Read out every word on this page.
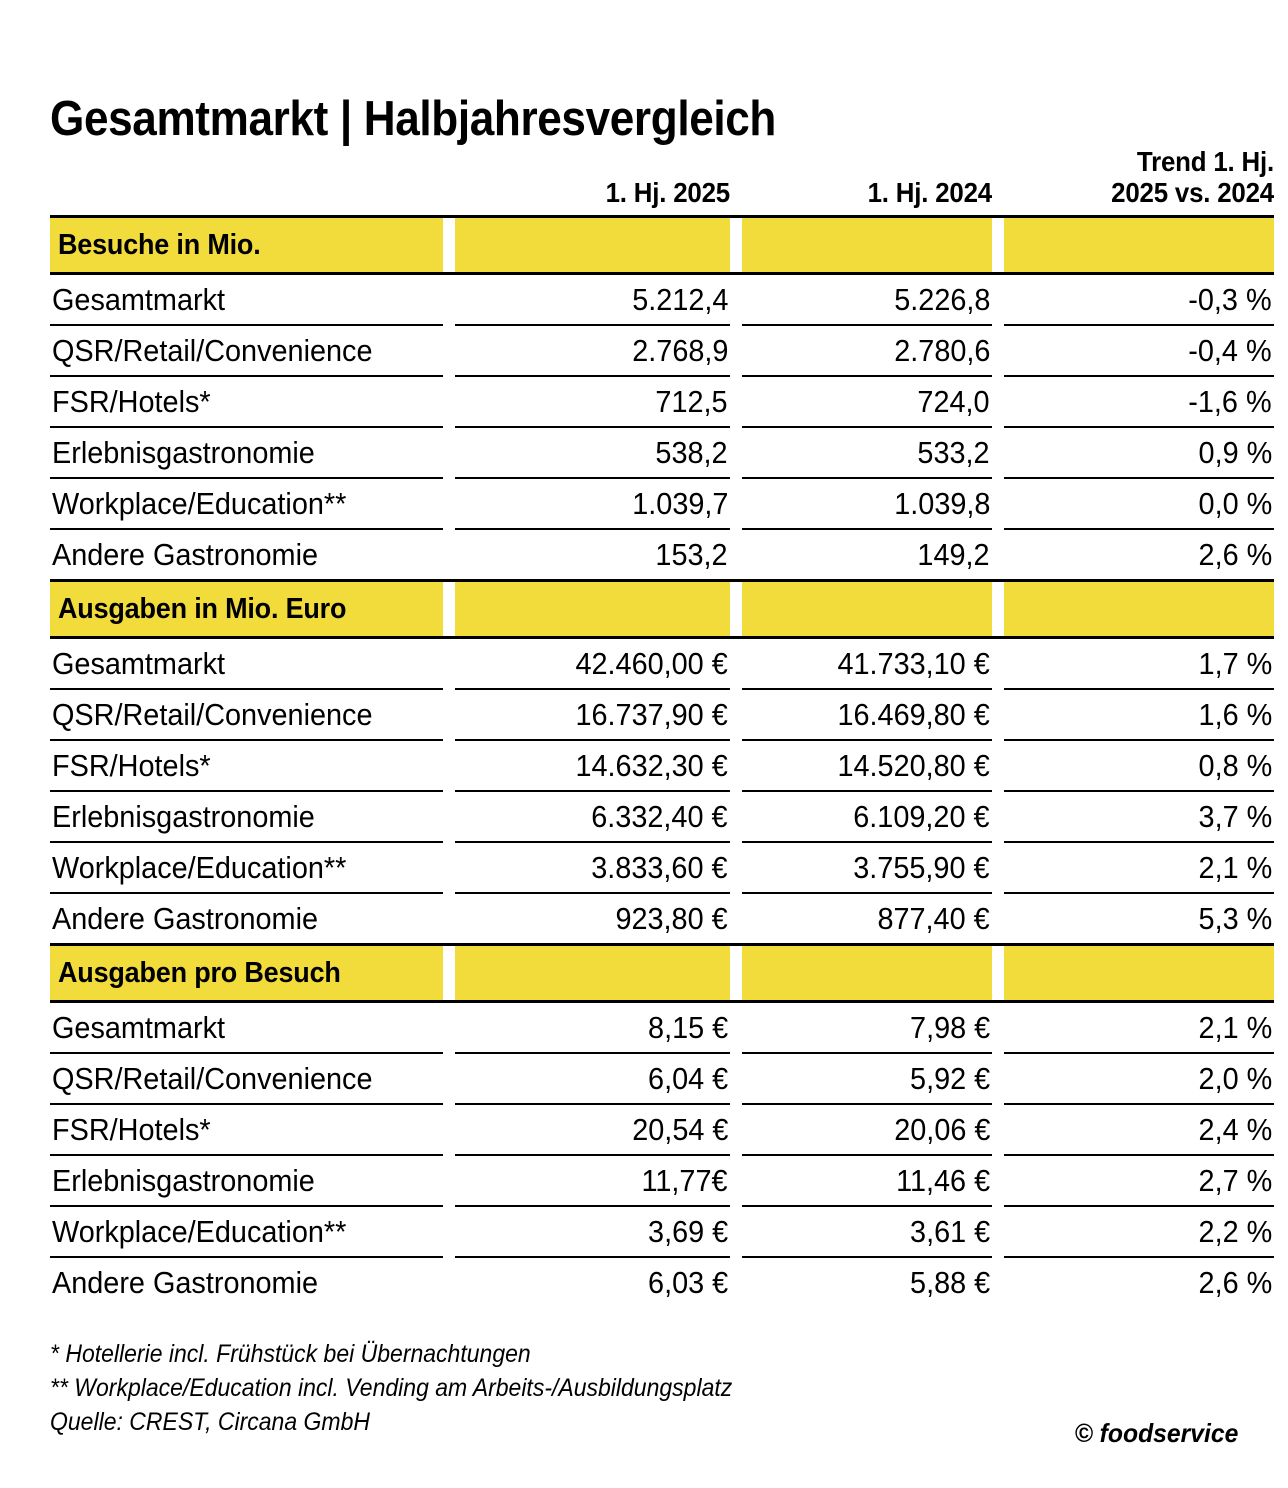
Gesamtmarkt | Halbjahresvergleich
		1. Hj. 2025		1. Hj. 2024		Trend 1. Hj.
2025 vs. 2024
Besuche in Mio.						
Gesamtmarkt		5.212,4		5.226,8		-0,3 %
QSR/Retail/Convenience		2.768,9		2.780,6		-0,4 %
FSR/Hotels*		712,5		724,0		-1,6 %
Erlebnisgastronomie		538,2		533,2		0,9 %
Workplace/Education**		1.039,7		1.039,8		0,0 %
Andere Gastronomie		153,2		149,2		2,6 %
Ausgaben in Mio. Euro						
Gesamtmarkt		42.460,00 €		41.733,10 €		1,7 %
QSR/Retail/Convenience		16.737,90 €		16.469,80 €		1,6 %
FSR/Hotels*		14.632,30 €		14.520,80 €		0,8 %
Erlebnisgastronomie		6.332,40 €		6.109,20 €		3,7 %
Workplace/Education**		3.833,60 €		3.755,90 €		2,1 %
Andere Gastronomie		923,80 €		877,40 €		5,3 %
Ausgaben pro Besuch						
Gesamtmarkt		8,15 €		7,98 €		2,1 %
QSR/Retail/Convenience		6,04 €		5,92 €		2,0 %
FSR/Hotels*		20,54 €		20,06 €		2,4 %
Erlebnisgastronomie		11,77€		11,46 €		2,7 %
Workplace/Education**		3,69 €		3,61 €		2,2 %
Andere Gastronomie		6,03 €		5,88 €		2,6 %
* Hotellerie incl. Frühstück bei Übernachtungen
** Workplace/Education incl. Vending am Arbeits-/Ausbildungsplatz
Quelle: CREST, Circana GmbH	© foodservice
